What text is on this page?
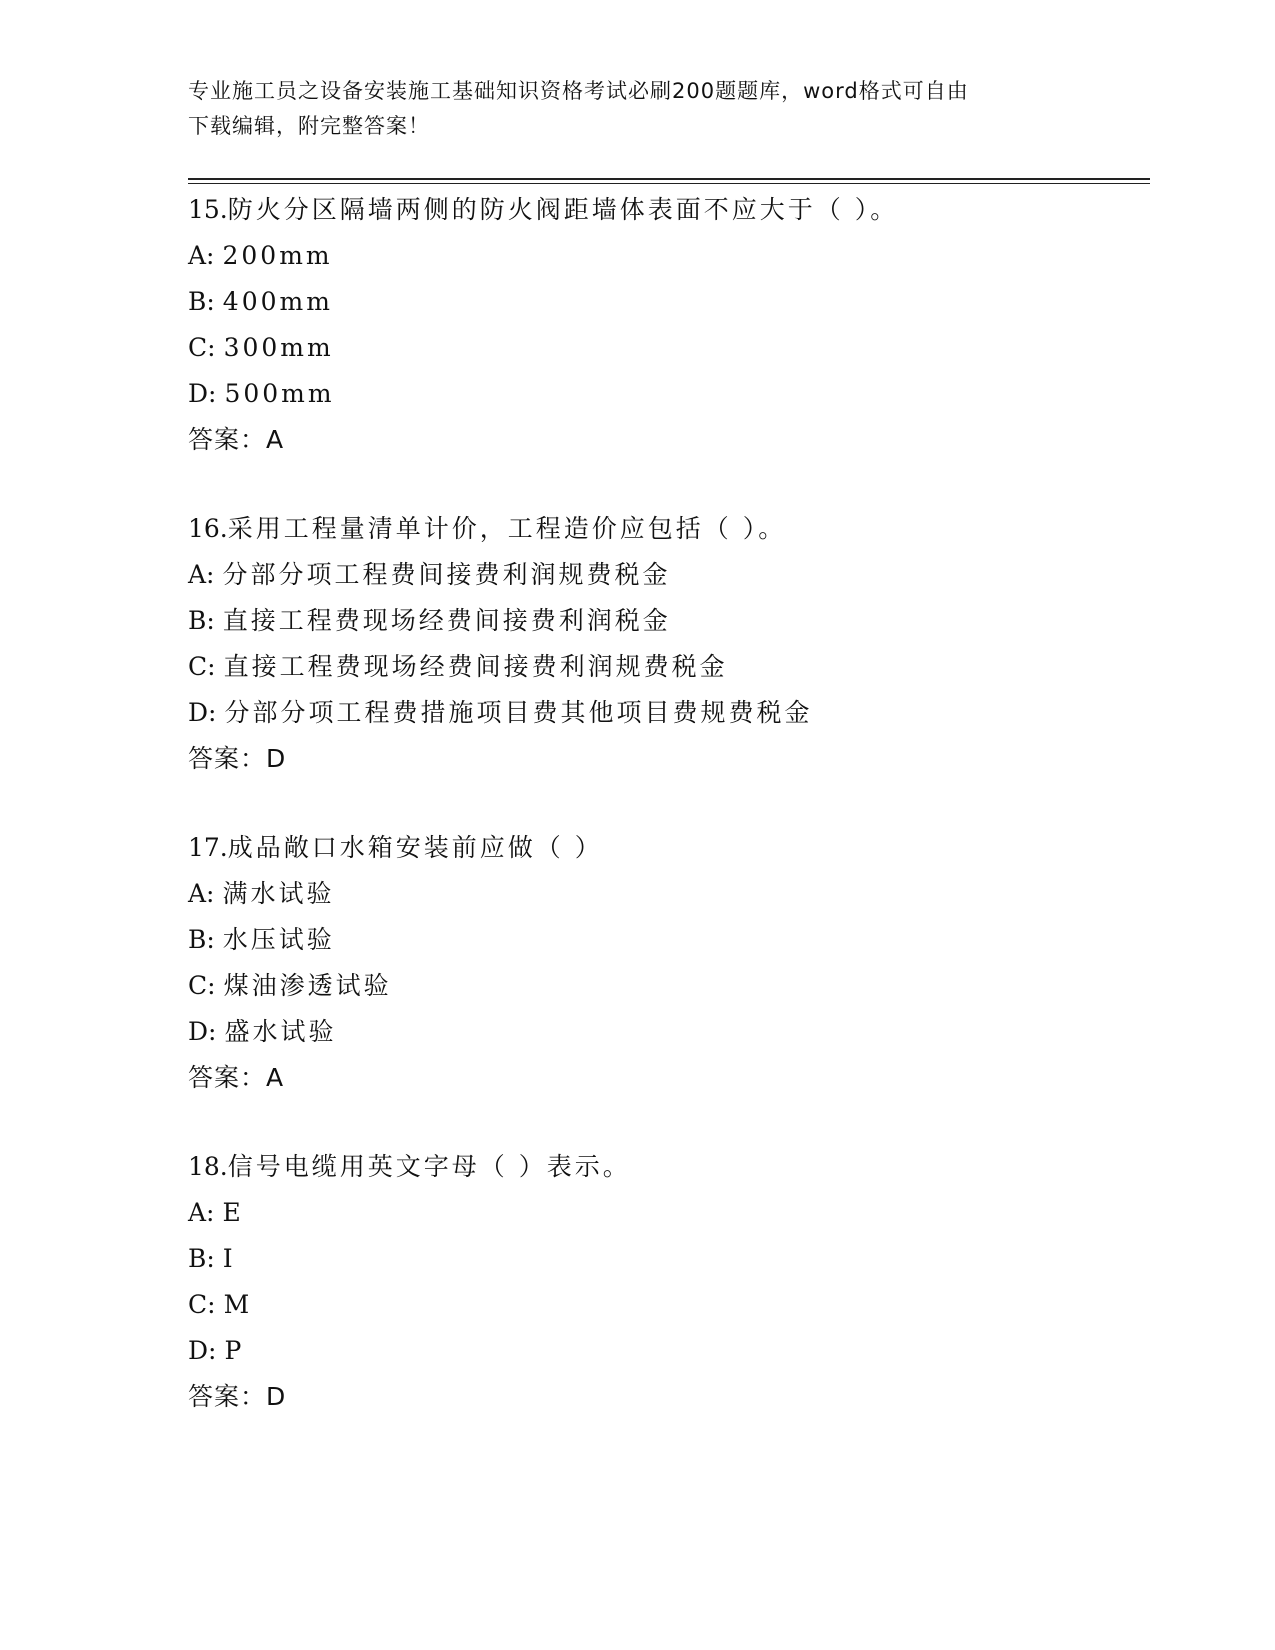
专业施工员之设备安装施工基础知识资格考试必刷200题题库，word格式可自由
下载编辑，附完整答案！
15.防火分区隔墙两侧的防火阀距墙体表面不应大于（ ）。
A: 200mm
B: 400mm
C: 300mm
D: 500mm
答案：A
16.采用工程量清单计价，工程造价应包括（ ）。
A: 分部分项工程费间接费利润规费税金
B: 直接工程费现场经费间接费利润税金
C: 直接工程费现场经费间接费利润规费税金
D: 分部分项工程费措施项目费其他项目费规费税金
答案：D
17.成品敞口水箱安装前应做（ ）
A: 满水试验
B: 水压试验
C: 煤油渗透试验
D: 盛水试验
答案：A
18.信号电缆用英文字母（ ）表示。
A: E
B: I
C: M
D: P
答案：D
